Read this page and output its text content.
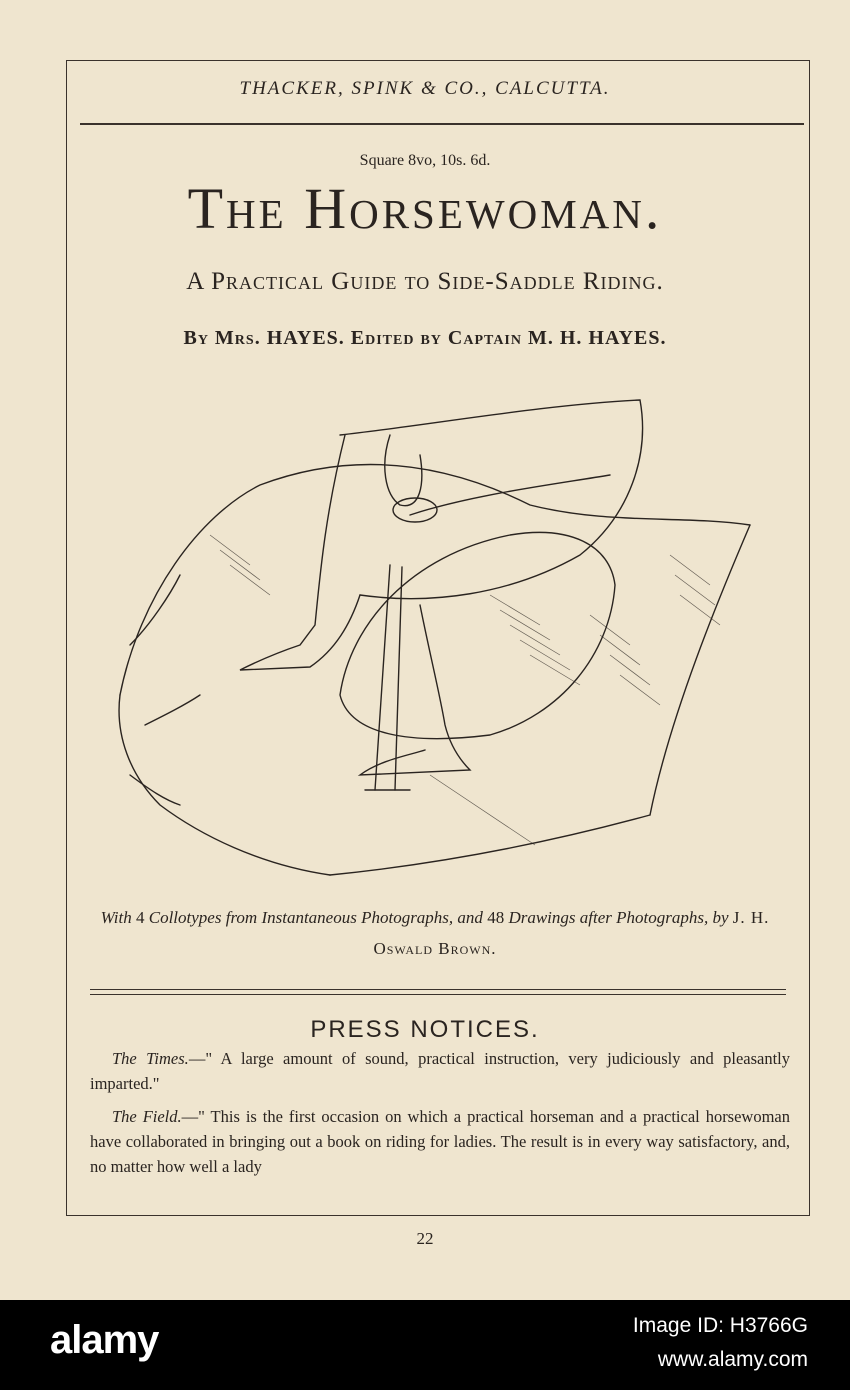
THACKER, SPINK & CO., CALCUTTA.
Square 8vo, 10s. 6d.
The Horsewoman.
A Practical Guide to Side-Saddle Riding.
By Mrs. HAYES. Edited by Captain M. H. HAYES.
With 4 Collotypes from Instantaneous Photographs, and 48 Drawings after Photographs, by J. H. Oswald Brown.
PRESS NOTICES.

The Times.—" A large amount of sound, practical instruction, very judiciously and pleasantly imparted."

The Field.—" This is the first occasion on which a practical horseman and a practical horsewoman have collaborated in bringing out a book on riding for ladies. The result is in every way satisfactory, and, no matter how well a lady

22
alamy	Image ID: H3766G
www.alamy.com
